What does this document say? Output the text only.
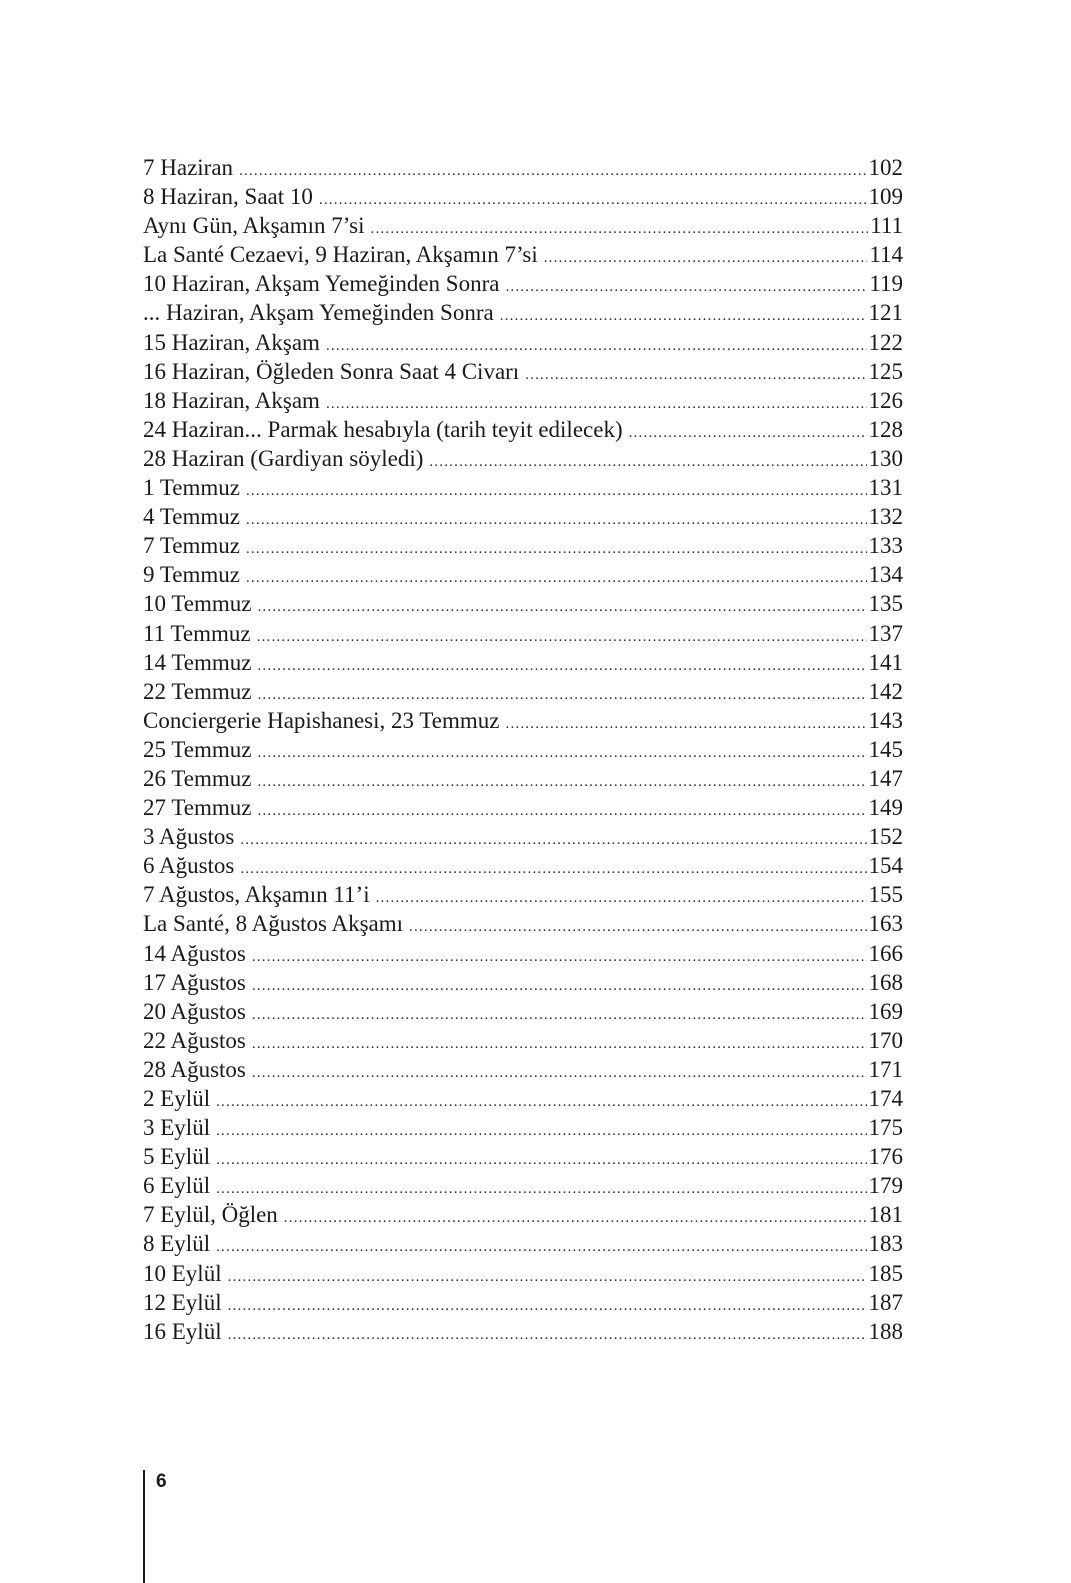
7 Haziran .....	102
8 Haziran, Saat 10 .....	109
Aynı Gün, Akşamın 7’si .....	111
La Santé Cezaevi, 9 Haziran, Akşamın 7’si .....	114
10 Haziran, Akşam Yemeğinden Sonra .....	119
... Haziran, Akşam Yemeğinden Sonra .....	121
15 Haziran, Akşam .....	122
16 Haziran, Öğleden Sonra Saat 4 Civarı .....	125
18 Haziran, Akşam .....	126
24 Haziran... Parmak hesabıyla (tarih teyit edilecek) .....	128
28 Haziran (Gardiyan söyledi) .....	130
1 Temmuz .....	131
4 Temmuz .....	132
7 Temmuz .....	133
9 Temmuz .....	134
10 Temmuz .....	135
11 Temmuz .....	137
14 Temmuz .....	141
22 Temmuz .....	142
Conciergerie Hapishanesi, 23 Temmuz .....	143
25 Temmuz .....	145
26 Temmuz .....	147
27 Temmuz .....	149
3 Ağustos .....	152
6 Ağustos .....	154
7 Ağustos, Akşamın 11’i .....	155
La Santé, 8 Ağustos Akşamı .....	163
14 Ağustos .....	166
17 Ağustos .....	168
20 Ağustos .....	169
22 Ağustos .....	170
28 Ağustos .....	171
2 Eylül .....	174
3 Eylül .....	175
5 Eylül .....	176
6 Eylül .....	179
7 Eylül, Öğlen .....	181
8 Eylül .....	183
10 Eylül .....	185
12 Eylül .....	187
16 Eylül .....	188
6
